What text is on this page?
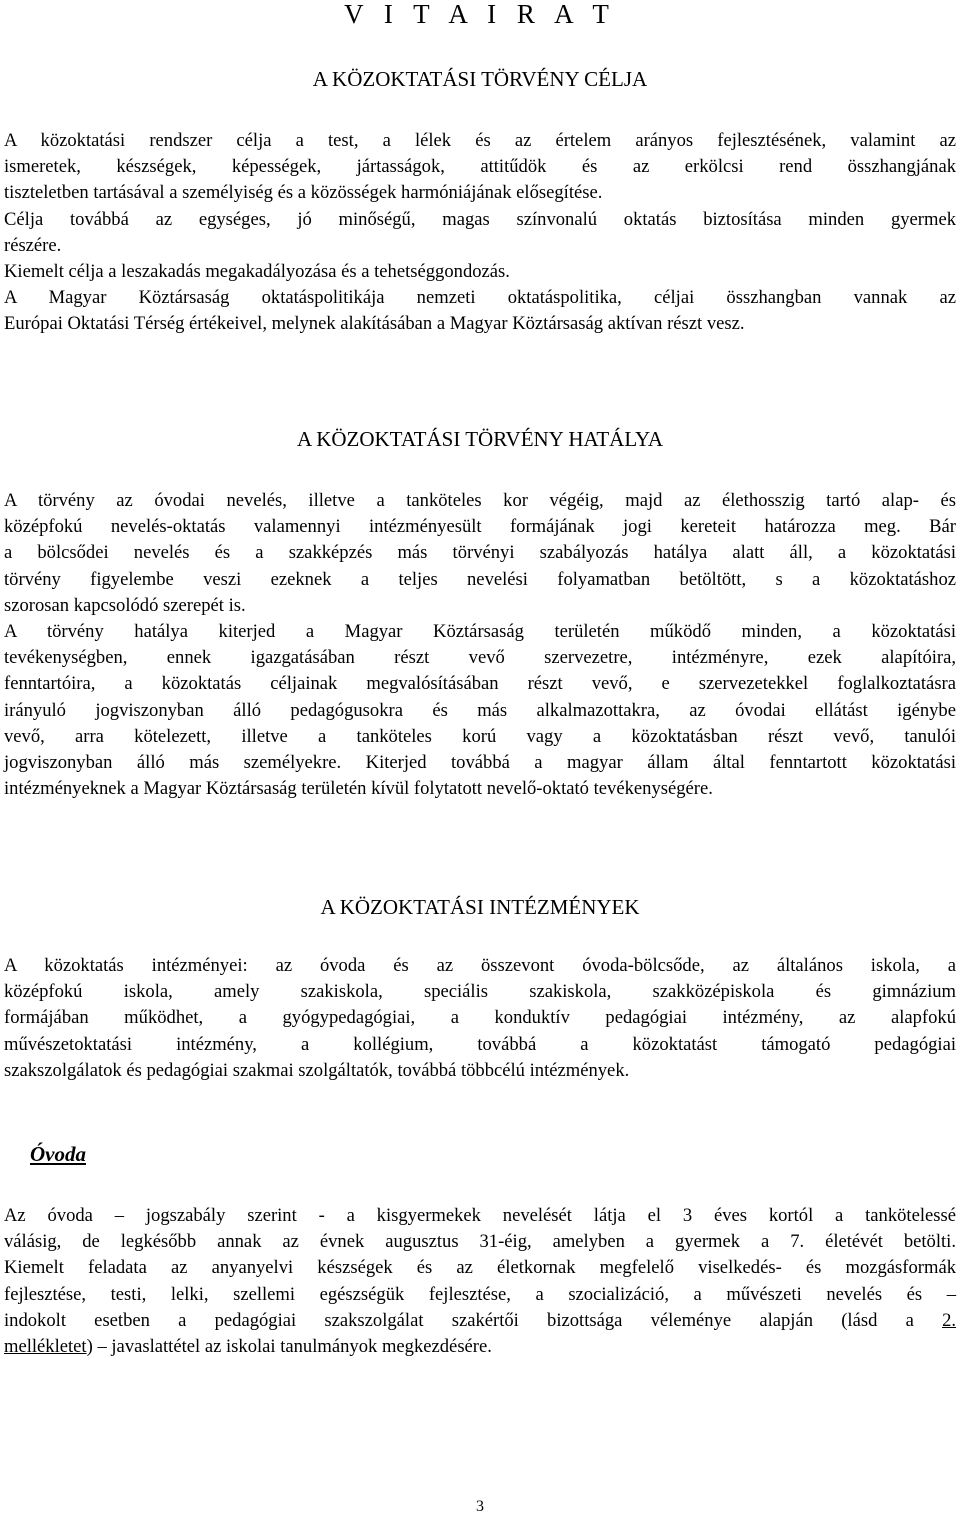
V I T A I R A T
A KÖZOKTATÁSI TÖRVÉNY CÉLJA

A közoktatási rendszer célja a test, a lélek és az értelem arányos fejlesztésének, valamint az

ismeretek, készségek, képességek, jártasságok, attitűdök és az erkölcsi rend összhangjának

tiszteletben tartásával a személyiség és a közösségek harmóniájának elősegítése.

Célja továbbá az egységes, jó minőségű, magas színvonalú oktatás biztosítása minden gyermek

részére.

Kiemelt célja a leszakadás megakadályozása és a tehetséggondozás.

A Magyar Köztársaság oktatáspolitikája nemzeti oktatáspolitika, céljai összhangban vannak az

Európai Oktatási Térség értékeivel, melynek alakításában a Magyar Köztársaság aktívan részt vesz.

A KÖZOKTATÁSI TÖRVÉNY HATÁLYA

A törvény az óvodai nevelés, illetve a tanköteles kor végéig, majd az élethosszig tartó alap- és

középfokú nevelés-oktatás valamennyi intézményesült formájának jogi kereteit határozza meg. Bár

a bölcsődei nevelés és a szakképzés más törvényi szabályozás hatálya alatt áll, a közoktatási

törvény figyelembe veszi ezeknek a teljes nevelési folyamatban betöltött, s a közoktatáshoz

szorosan kapcsolódó szerepét is.

A törvény hatálya kiterjed a Magyar Köztársaság területén működő minden, a közoktatási

tevékenységben, ennek igazgatásában részt vevő szervezetre, intézményre, ezek alapítóira,

fenntartóira, a közoktatás céljainak megvalósításában részt vevő, e szervezetekkel foglalkoztatásra

irányuló jogviszonyban álló pedagógusokra és más alkalmazottakra, az óvodai ellátást igénybe

vevő, arra kötelezett, illetve a tanköteles korú vagy a közoktatásban részt vevő, tanulói

jogviszonyban álló más személyekre. Kiterjed továbbá a magyar állam által fenntartott közoktatási

intézményeknek a Magyar Köztársaság területén kívül folytatott nevelő-oktató tevékenységére.

A KÖZOKTATÁSI INTÉZMÉNYEK

A közoktatás intézményei: az óvoda és az összevont óvoda-bölcsőde, az általános iskola, a

középfokú iskola, amely szakiskola, speciális szakiskola, szakközépiskola és gimnázium

formájában működhet, a gyógypedagógiai, a konduktív pedagógiai intézmény, az alapfokú

művészetoktatási intézmény, a kollégium, továbbá a közoktatást támogató pedagógiai

szakszolgálatok és pedagógiai szakmai szolgáltatók, továbbá többcélú intézmények.

Óvoda

Az óvoda – jogszabály szerint - a kisgyermekek nevelését látja el 3 éves kortól a tankötelessé

válásig, de legkésőbb annak az évnek augusztus 31-éig, amelyben a gyermek a 7. életévét betölti.

Kiemelt feladata az anyanyelvi készségek és az életkornak megfelelő viselkedés- és mozgásformák

fejlesztése, testi, lelki, szellemi egészségük fejlesztése, a szocializáció, a művészeti nevelés és –

indokolt esetben a pedagógiai szakszolgálat szakértői bizottsága véleménye alapján (lásd a 2.

mellékletet) – javaslattétel az iskolai tanulmányok megkezdésére.

3
